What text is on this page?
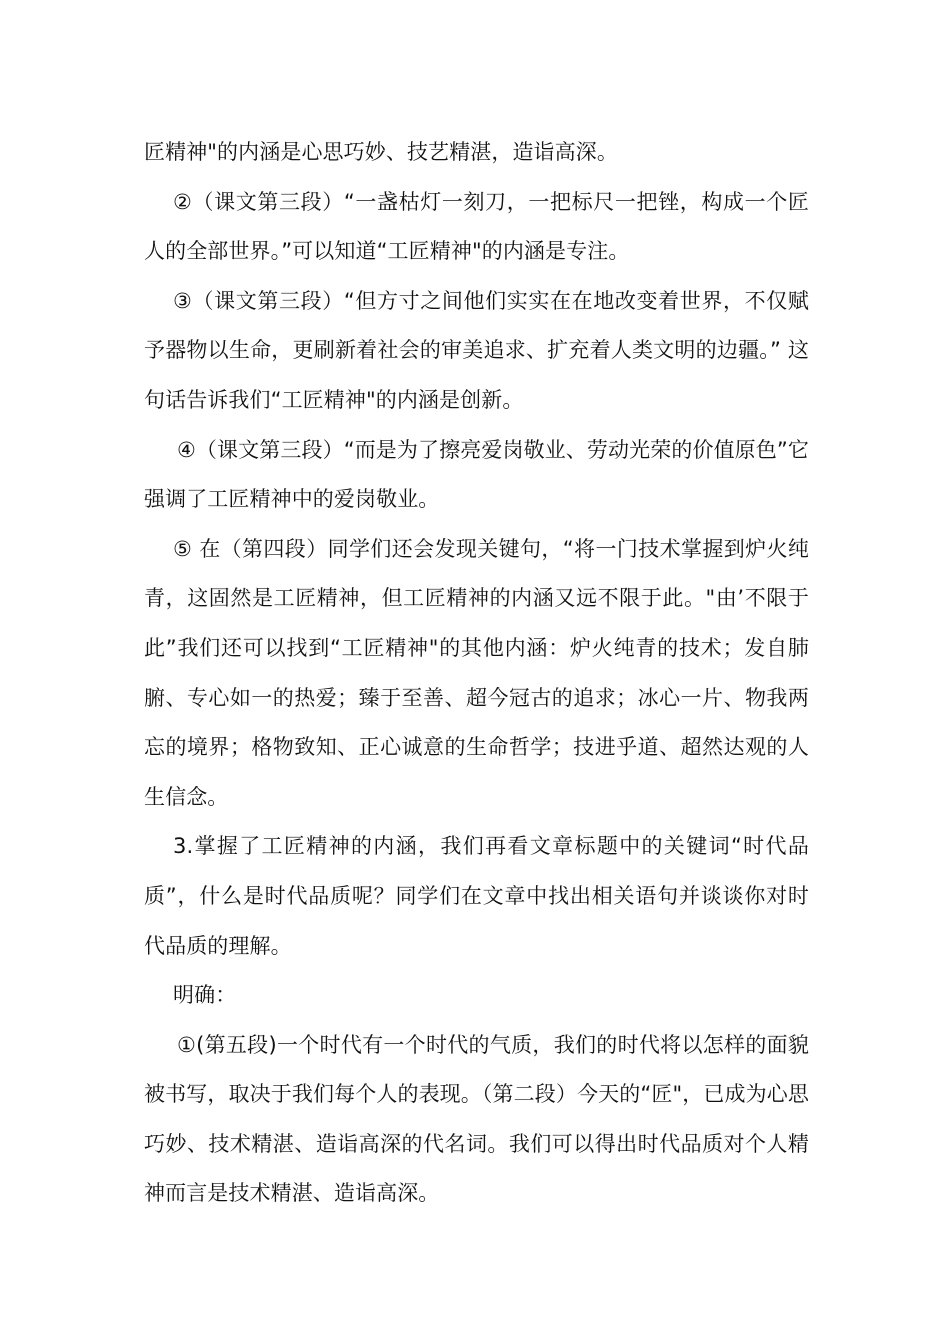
匠精神"的内涵是心思巧妙、技艺精湛，造诣高深。

②（课文第三段）“一盏枯灯一刻刀，一把标尺一把锉，构成一个匠人的全部世界。”可以知道“工匠精神"的内涵是专注。

③（课文第三段）“但方寸之间他们实实在在地改变着世界，不仅赋予器物以生命，更刷新着社会的审美追求、扩充着人类文明的边疆。” 这句话告诉我们“工匠精神"的内涵是创新。

④（课文第三段）“而是为了擦亮爱岗敬业、劳动光荣的价值原色”它强调了工匠精神中的爱岗敬业。

⑤ 在（第四段）同学们还会发现关键句，“将一门技术掌握到炉火纯青，这固然是工匠精神，但工匠精神的内涵又远不限于此。"由’不限于此”我们还可以找到“工匠精神"的其他内涵：炉火纯青的技术；发自肺腑、专心如一的热爱；臻于至善、超今冠古的追求；冰心一片、物我两忘的境界；格物致知、正心诚意的生命哲学；技进乎道、超然达观的人生信念。

3.掌握了工匠精神的内涵，我们再看文章标题中的关键词“时代品质”，什么是时代品质呢？同学们在文章中找出相关语句并谈谈你对时代品质的理解。

明确：

①(第五段)一个时代有一个时代的气质，我们的时代将以怎样的面貌被书写，取决于我们每个人的表现。（第二段）今天的“匠"，已成为心思巧妙、技术精湛、造诣高深的代名词。我们可以得出时代品质对个人精神而言是技术精湛、造诣高深。
